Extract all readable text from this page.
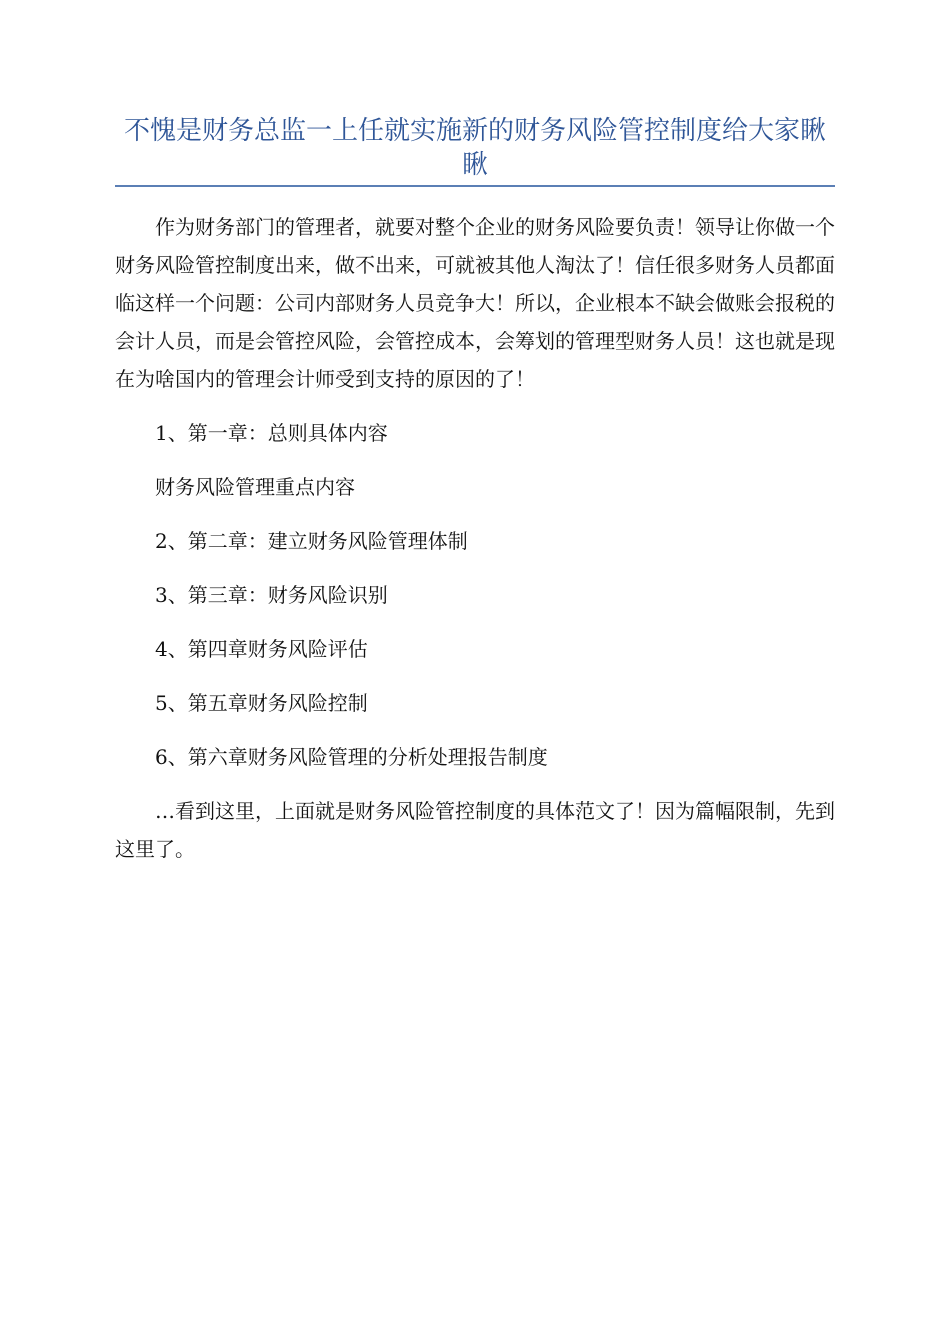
不愧是财务总监一上任就实施新的财务风险管控制度给大家瞅瞅

作为财务部门的管理者，就要对整个企业的财务风险要负责！领导让你做一个财务风险管控制度出来，做不出来，可就被其他人淘汰了！信任很多财务人员都面临这样一个问题：公司内部财务人员竞争大！所以，企业根本不缺会做账会报税的会计人员，而是会管控风险，会管控成本，会筹划的管理型财务人员！这也就是现在为啥国内的管理会计师受到支持的原因的了！

1、第一章：总则具体内容

财务风险管理重点内容

2、第二章：建立财务风险管理体制

3、第三章：财务风险识别

4、第四章财务风险评估

5、第五章财务风险控制

6、第六章财务风险管理的分析处理报告制度

…看到这里，上面就是财务风险管控制度的具体范文了！因为篇幅限制，先到这里了。
